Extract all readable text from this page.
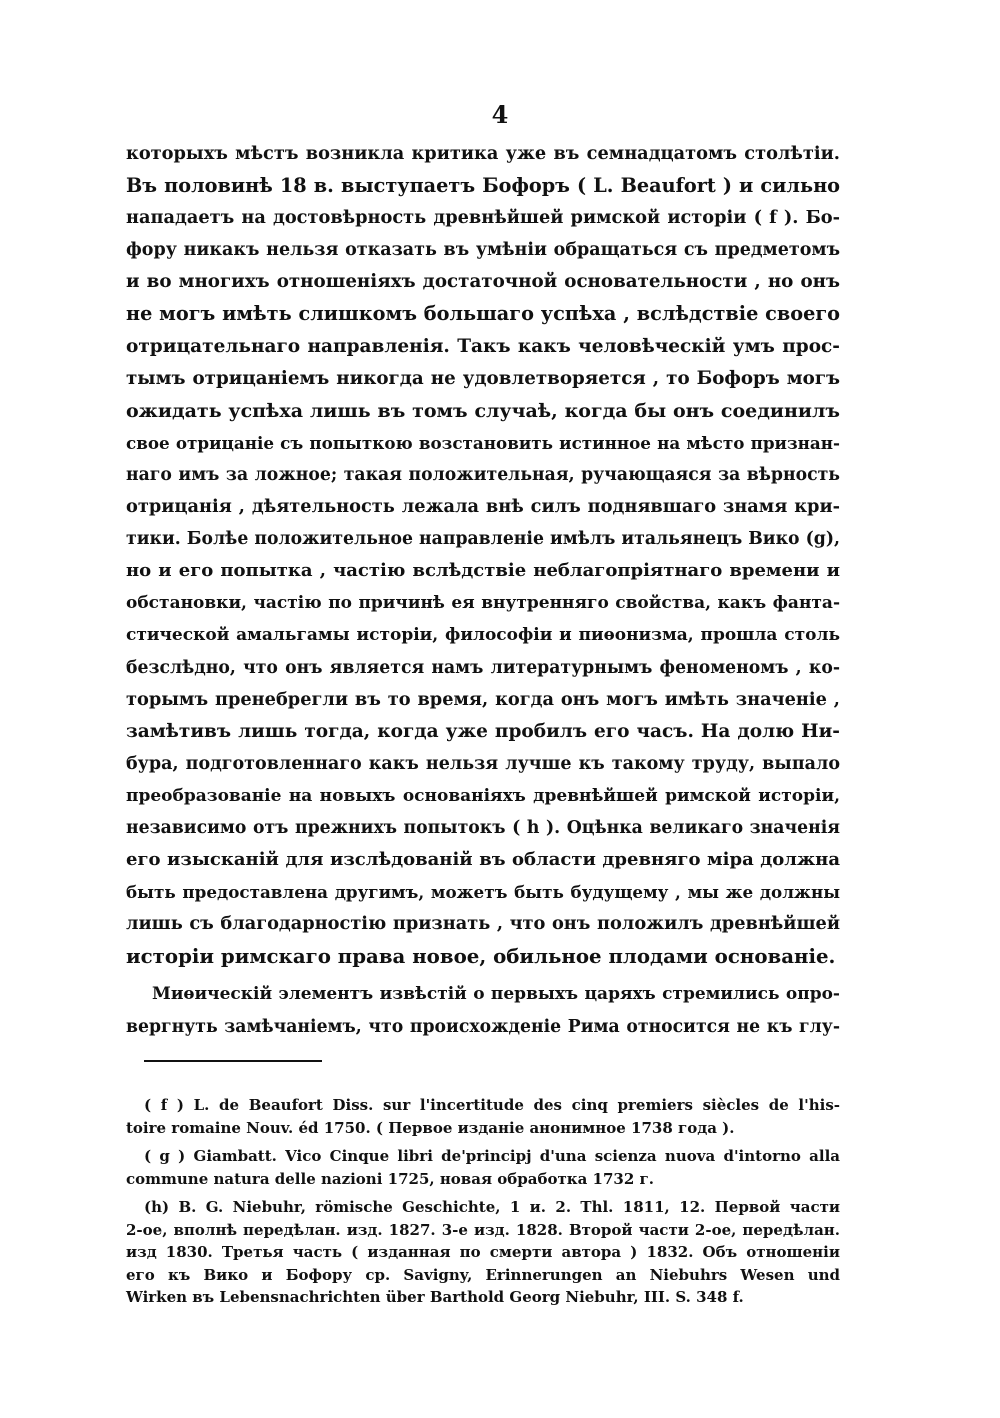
4
которыхъ мѣстъ возникла критика уже въ семнадцатомъ столѣтіи.
Въ половинѣ 18 в. выступаетъ Бофоръ ( L. Beaufort ) и сильно
нападаетъ на достовѣрность древнѣйшей римской исторіи ( f ). Бо-
фору никакъ нельзя отказать въ умѣніи обращаться съ предметомъ
и во многихъ отношеніяхъ достаточной основательности , но онъ
не могъ имѣть слишкомъ большаго успѣха , вслѣдствіе своего
отрицательнаго направленія. Такъ какъ человѣческій умъ прос-
тымъ отрицаніемъ никогда не удовлетворяется , то Бофоръ могъ
ожидать успѣха лишь въ томъ случаѣ, когда бы онъ соединилъ
свое отрицаніе съ попыткою возстановить истинное на мѣсто признан-
наго имъ за ложное; такая положительная, ручающаяся за вѣрность
отрицанія , дѣятельность лежала внѣ силъ поднявшаго знамя кри-
тики. Болѣе положительное направленіе имѣлъ итальянецъ Вико (g),
но и его попытка , частію вслѣдствіе неблагопріятнаго времени и
обстановки, частію по причинѣ ея внутренняго свойства, какъ фанта-
стической амальгамы исторіи, философіи и пиѳонизма, прошла столь
безслѣдно, что онъ является намъ литературнымъ феноменомъ , ко-
торымъ пренебрегли въ то время, когда онъ могъ имѣть значеніе ,
замѣтивъ лишь тогда, когда уже пробилъ его часъ. На долю Ни-
бура, подготовленнаго какъ нельзя лучше къ такому труду, выпало
преобразованіе на новыхъ основаніяхъ древнѣйшей римской исторіи,
независимо отъ прежнихъ попытокъ ( h ). Оцѣнка великаго значенія
его изысканій для изслѣдованій въ области древняго міра должна
быть предоставлена другимъ, можетъ быть будущему , мы же должны
лишь съ благодарностію признать , что онъ положилъ древнѣйшей
исторіи римскаго права новое, обильное плодами основаніе.
Миѳическій элементъ извѣстій о первыхъ царяхъ стремились опро-
вергнуть замѣчаніемъ, что происхожденіе Рима относится не къ глу-
( f ) L. de Beaufort Diss. sur l'incertitude des cinq premiers siècles de l'his-
toire romaine Nouv. éd 1750. ( Первое изданіе анонимное 1738 года ).
( g ) Giambatt. Vico Cinque libri de'principj d'una scienza nuova d'intorno alla
commune natura delle nazioni 1725, новая обработка 1732 г.
(h) B. G. Niebuhr, römische Geschichte, 1 и. 2. Thl. 1811, 12. Первой части
2-ое, вполнѣ передѣлан. изд. 1827. 3-е изд. 1828. Второй части 2-ое, передѣлан.
изд 1830. Третья часть ( изданная по смерти автора ) 1832. Объ отношеніи
его къ Вико и Бофору ср. Savigny, Erinnerungen an Niebuhrs Wesen und
Wirken въ Lebensnachrichten über Barthold Georg Niebuhr, III. S. 348 f.
